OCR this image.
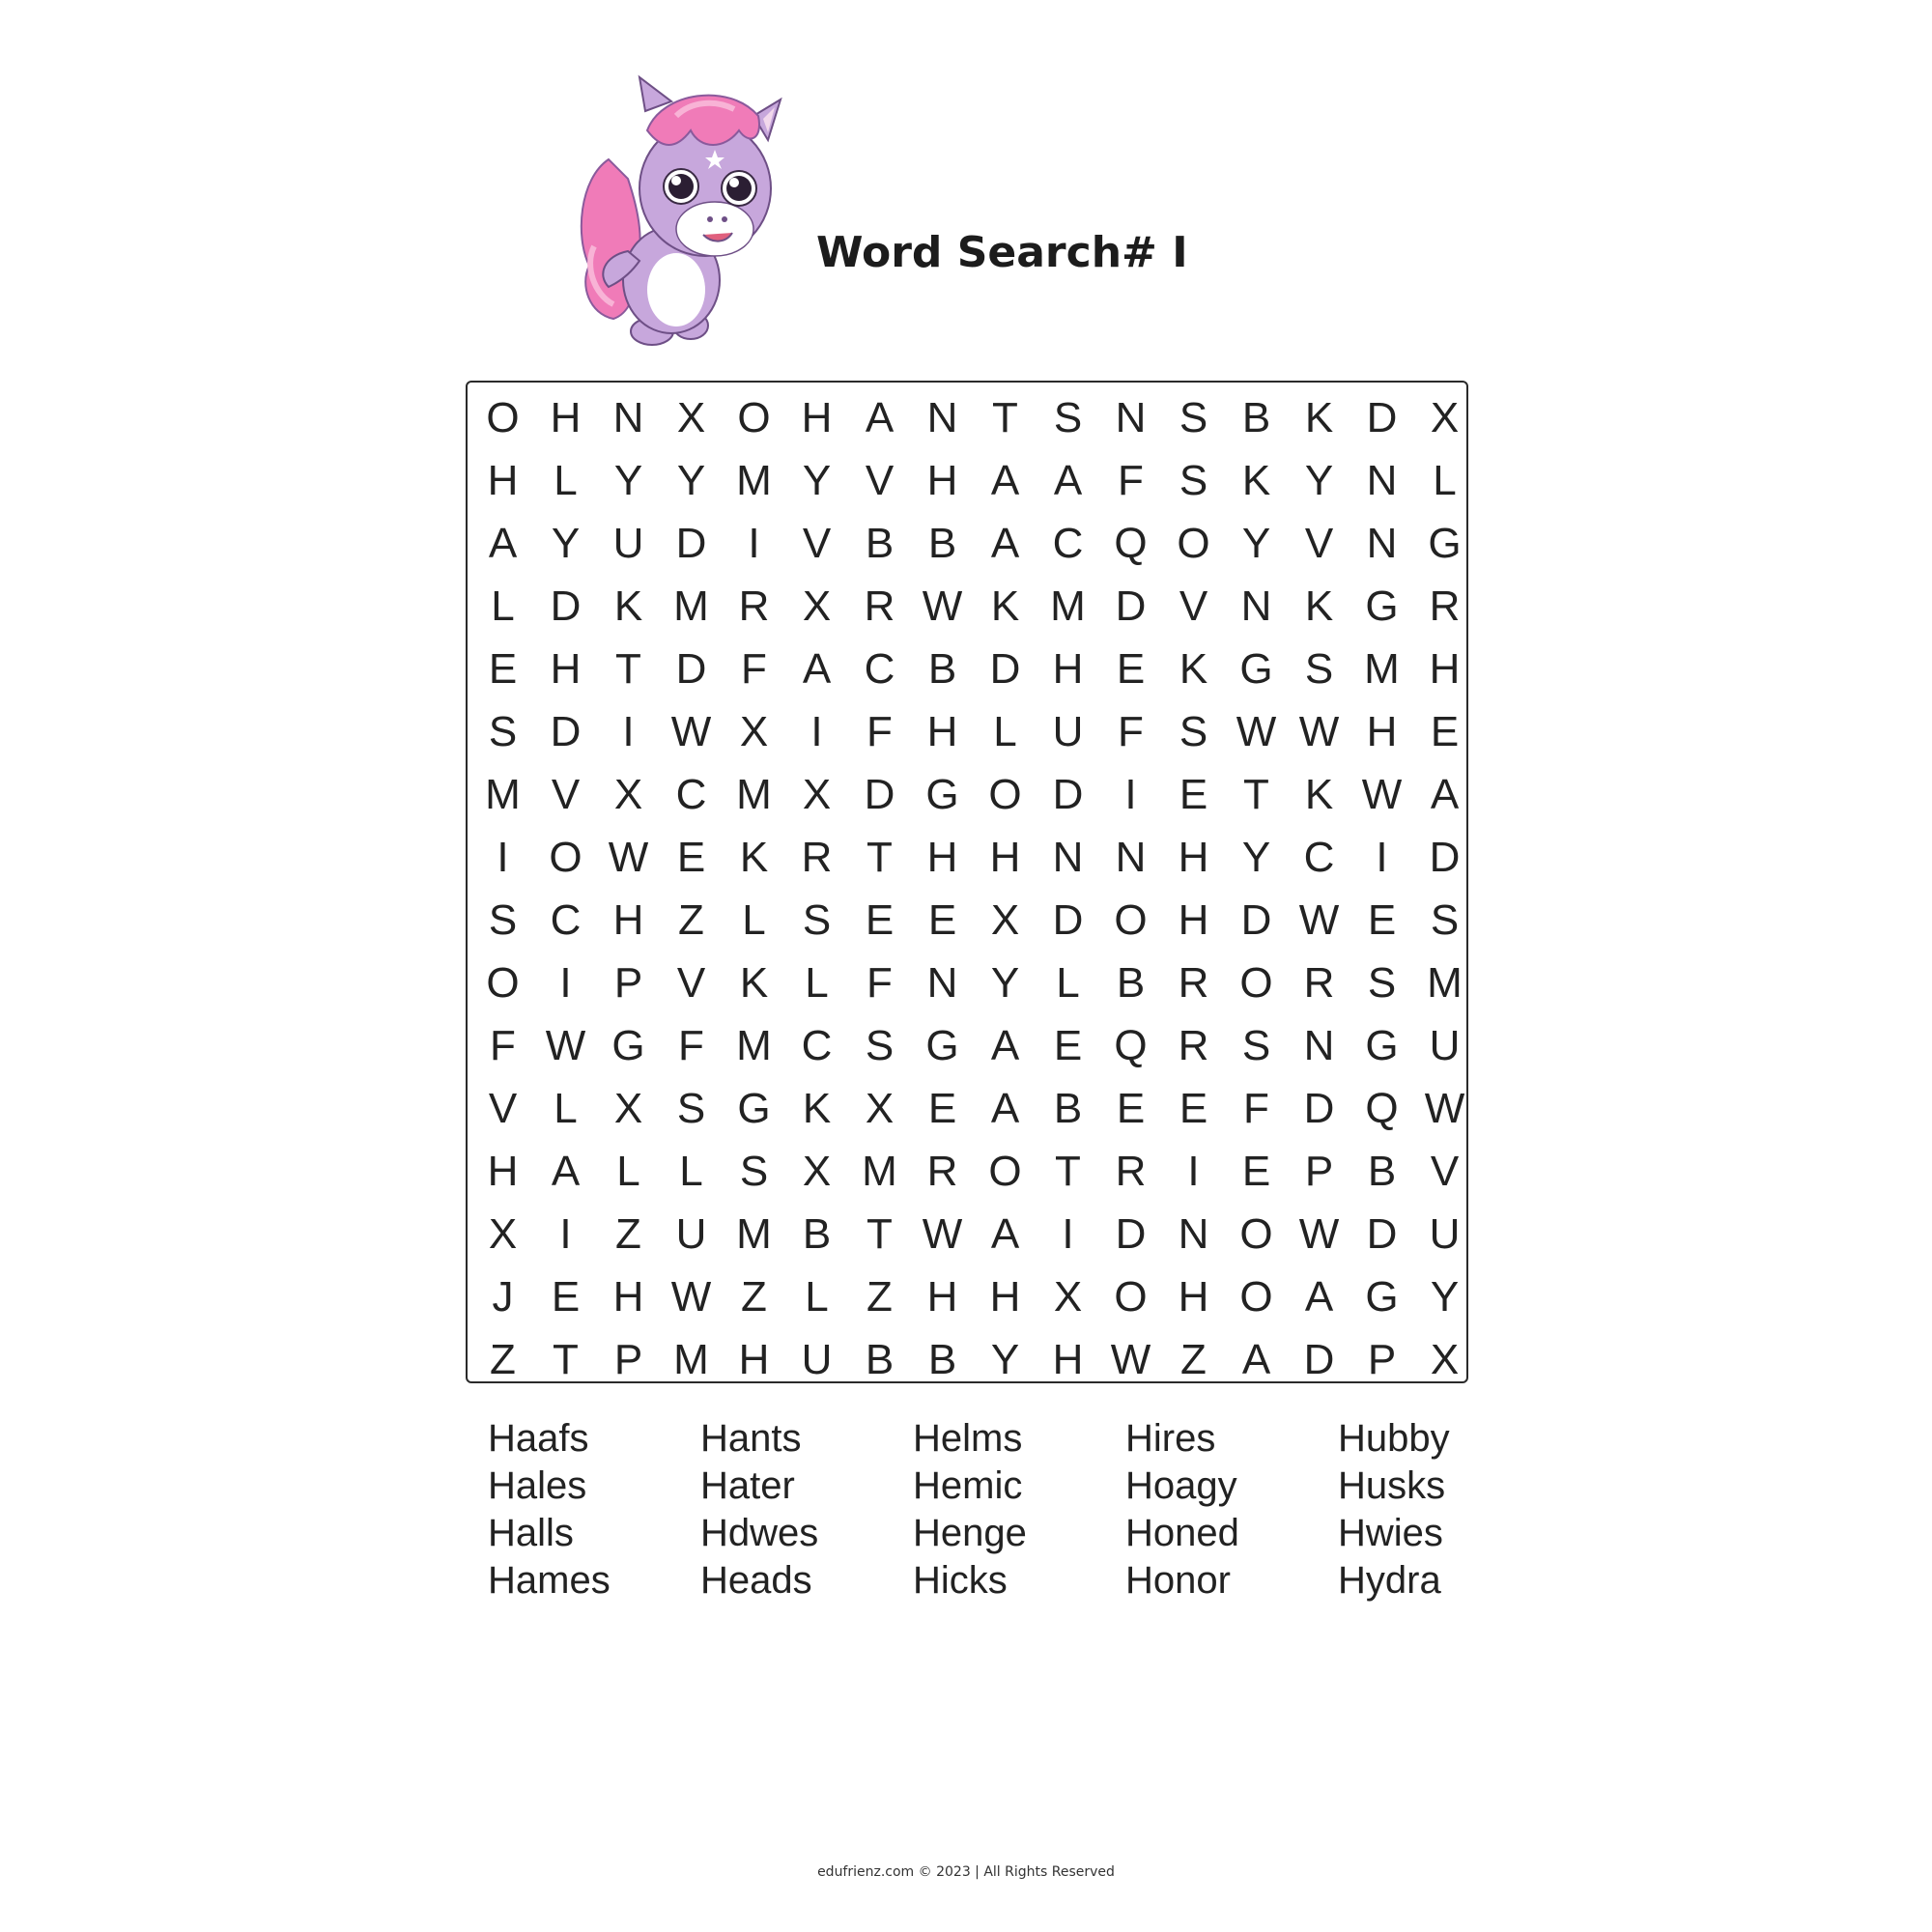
Word Search# I
O H N X O H A N T S N S B K D X
H L Y Y M Y V H A A F S K Y N L
A Y U D I	V B B A C Q O Y V N G
L D K M R X R W K M D V N K G R
E H T D F A C B D H E K G S M H
S D I W X	I	F H L U F S W W H E
M V X C M X D G O D I	E T K W A
I O W E K R T H H N N H Y C I D
S C H Z L S E E X D O H D W E S
O I	P V K L F N Y L B R O R S M
F W G F M C S G A E Q R S N G U
V L X S G K X E A B E E F D Q W
H A L L S X M R O T R I	E P B V
X	I	Z U M B T W A	I D N O W D U
J E H W Z L Z H H X O H O A G Y
Z T P M H U B B Y H W Z A D P X
Haafs
Hales
Halls
Hames
Hants
Hater
Hdwes
Heads
Helms
Hemic
Henge
Hicks
Hires
Hoagy
Honed
Honor
Hubby
Husks
Hwies
Hydra
edufrienz.com © 2023 | All Rights Reserved
